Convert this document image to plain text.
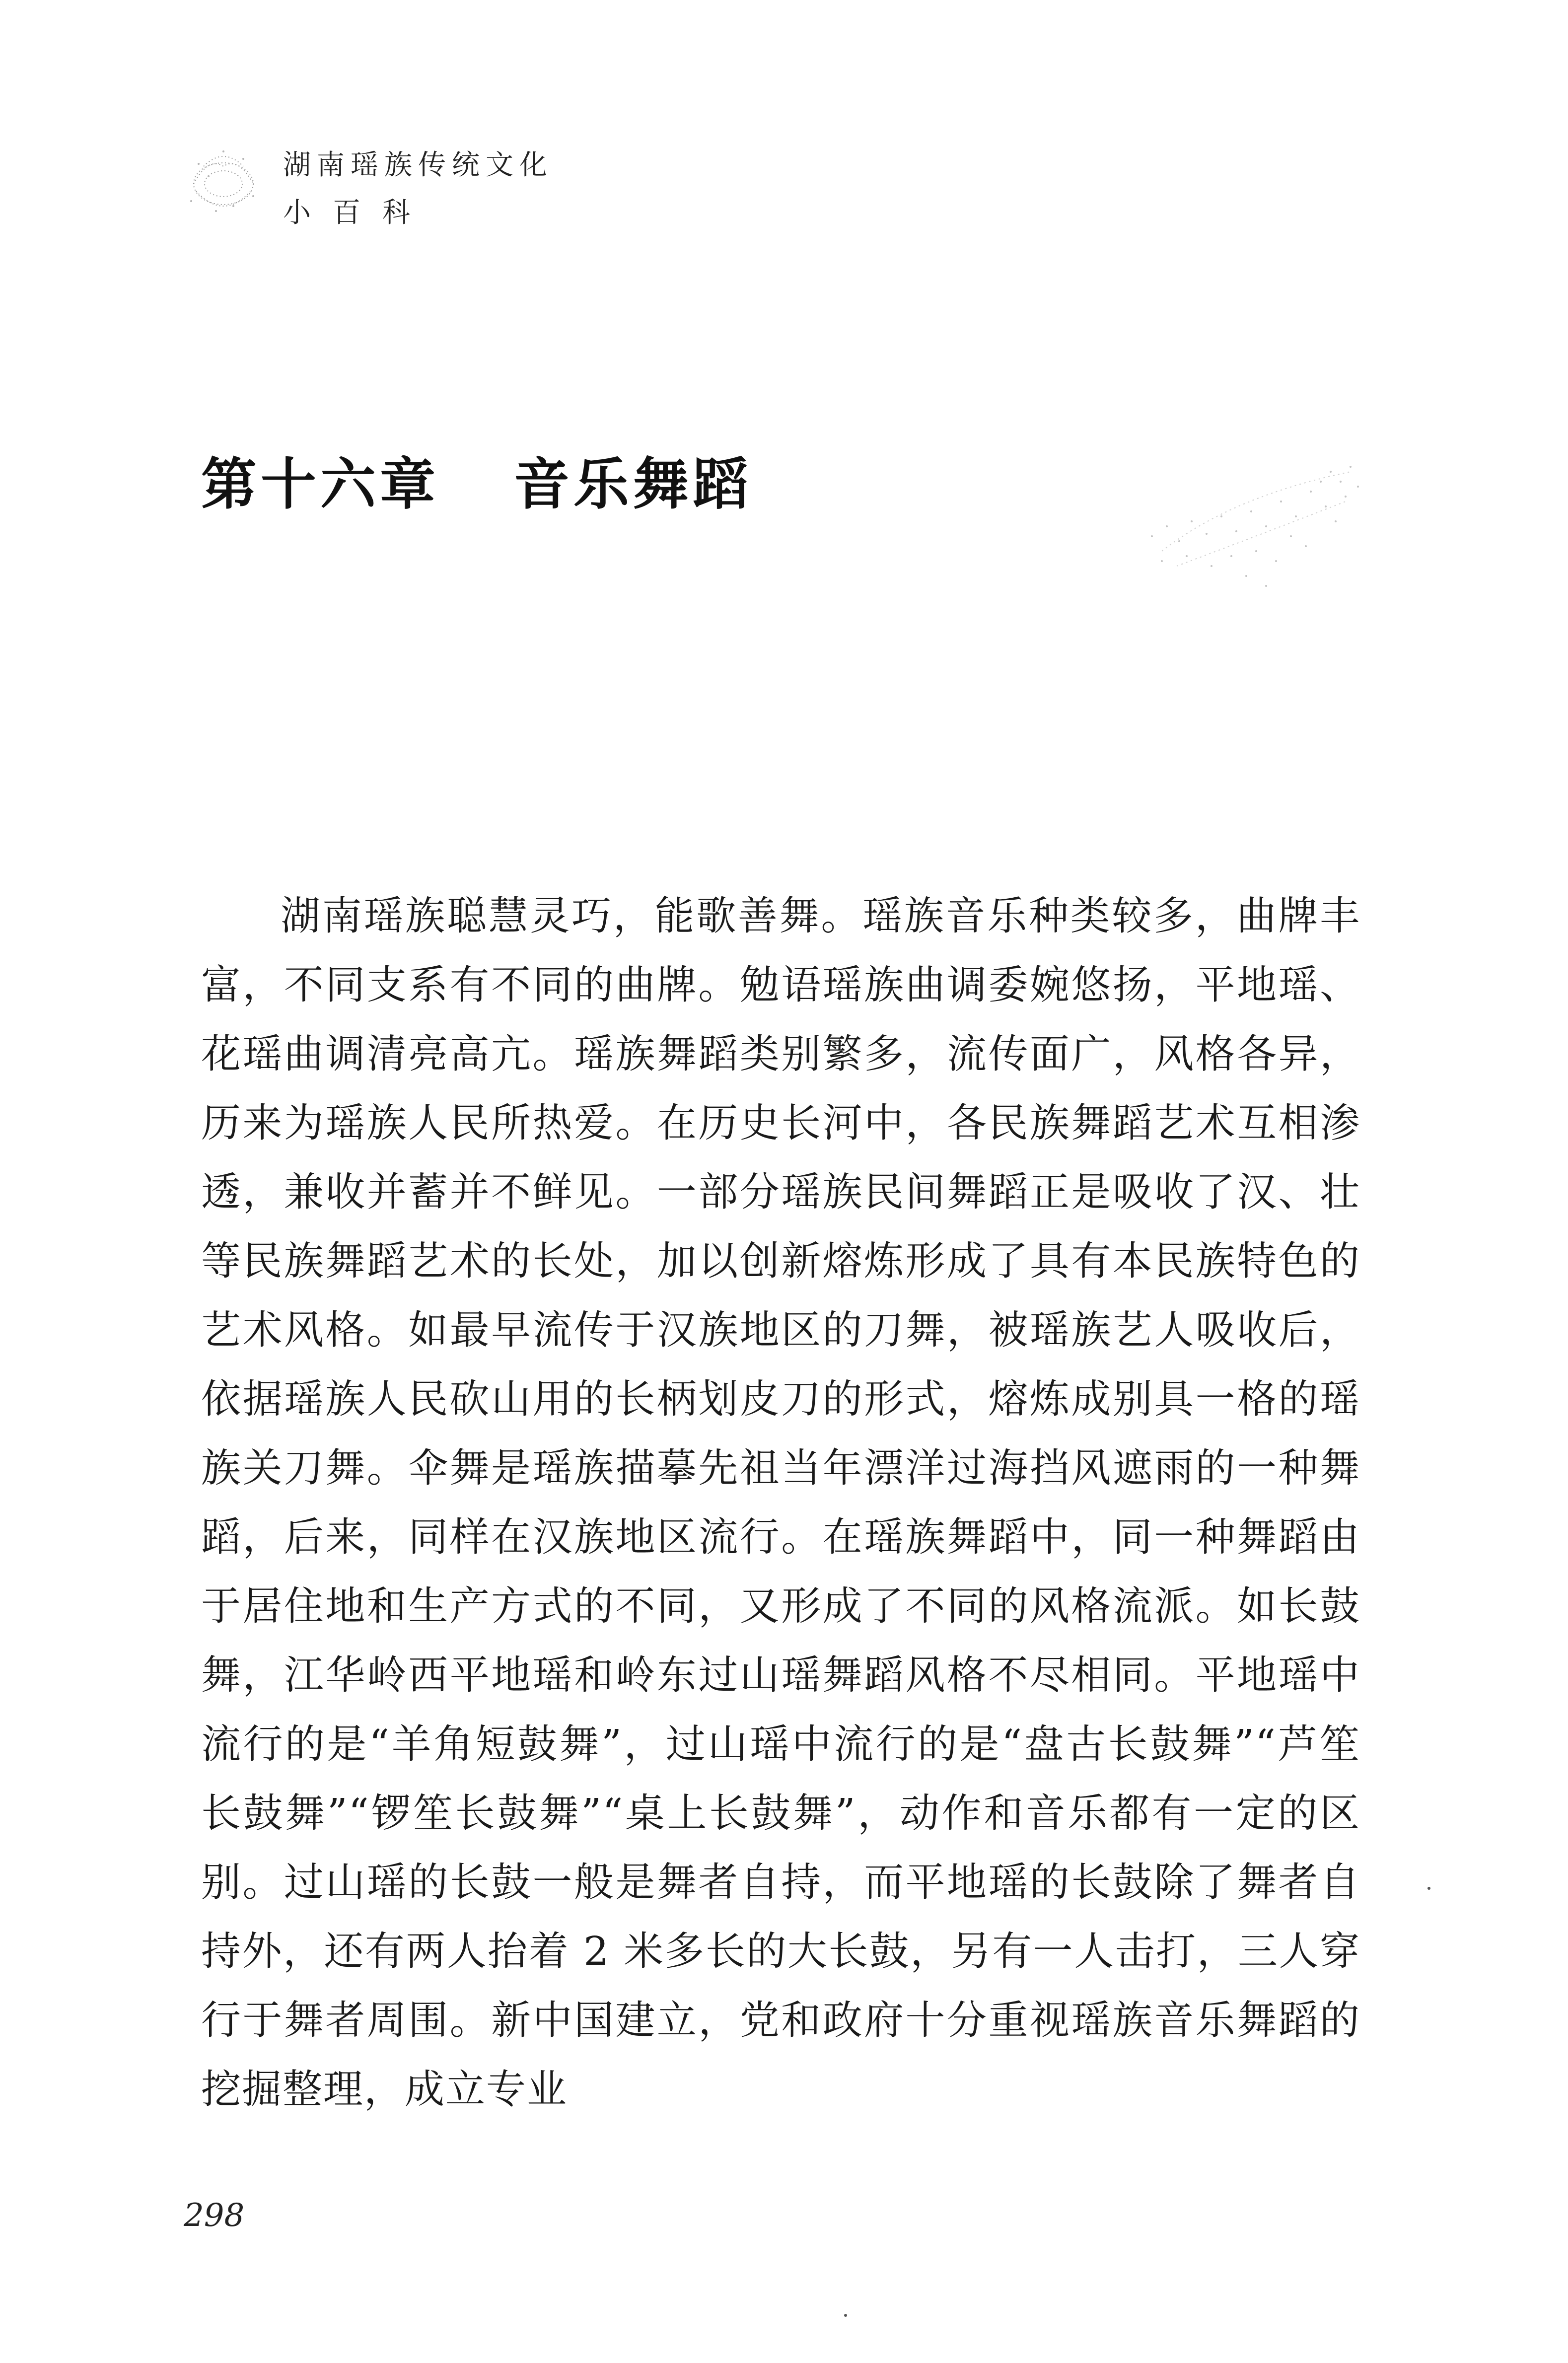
湖南瑶族传统文化
小百科
第十六章 音乐舞蹈

湖南瑶族聪慧灵巧，能歌善舞。瑶族音乐种类较多，曲牌丰富，不同支系有不同的曲牌。勉语瑶族曲调委婉悠扬，平地瑶、花瑶曲调清亮高亢。瑶族舞蹈类别繁多，流传面广，风格各异，历来为瑶族人民所热爱。在历史长河中，各民族舞蹈艺术互相渗透，兼收并蓄并不鲜见。一部分瑶族民间舞蹈正是吸收了汉、壮等民族舞蹈艺术的长处，加以创新熔炼形成了具有本民族特色的艺术风格。如最早流传于汉族地区的刀舞，被瑶族艺人吸收后，依据瑶族人民砍山用的长柄划皮刀的形式，熔炼成别具一格的瑶族关刀舞。伞舞是瑶族描摹先祖当年漂洋过海挡风遮雨的一种舞蹈，后来，同样在汉族地区流行。在瑶族舞蹈中，同一种舞蹈由于居住地和生产方式的不同，又形成了不同的风格流派。如长鼓舞，江华岭西平地瑶和岭东过山瑶舞蹈风格不尽相同。平地瑶中流行的是“羊角短鼓舞”，过山瑶中流行的是“盘古长鼓舞”“芦笙长鼓舞”“锣笙长鼓舞”“桌上长鼓舞”，动作和音乐都有一定的区别。过山瑶的长鼓一般是舞者自持，而平地瑶的长鼓除了舞者自持外，还有两人抬着 2 米多长的大长鼓，另有一人击打，三人穿行于舞者周围。新中国建立，党和政府十分重视瑶族音乐舞蹈的挖掘整理，成立专业

298
